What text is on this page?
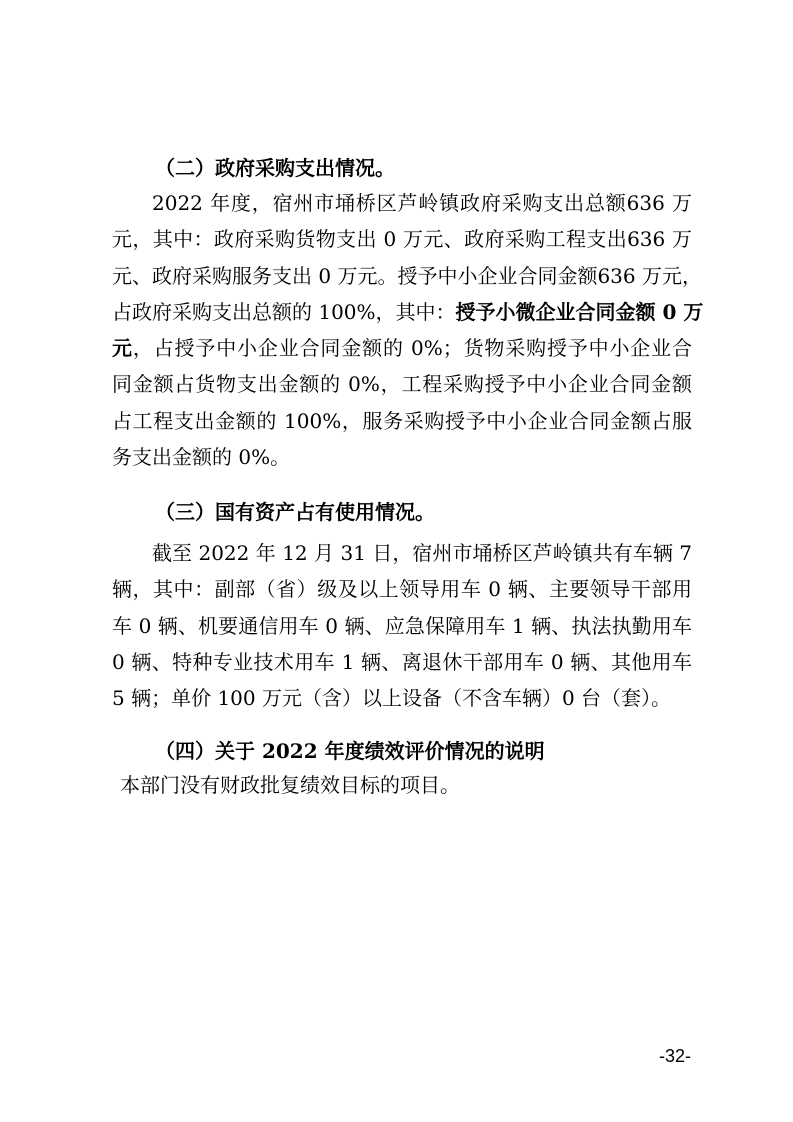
（二）政府采购支出情况。
2022 年度，宿州市埇桥区芦岭镇政府采购支出总额636 万
元，其中：政府采购货物支出 0 万元、政府采购工程支出636 万
元、政府采购服务支出 0 万元。授予中小企业合同金额636 万元，
占政府采购支出总额的 100%，其中：授予小微企业合同金额 0 万
元，占授予中小企业合同金额的 0%；货物采购授予中小企业合
同金额占货物支出金额的 0%，工程采购授予中小企业合同金额
占工程支出金额的 100%，服务采购授予中小企业合同金额占服
务支出金额的 0%。
（三）国有资产占有使用情况。
截至 2022 年 12 月 31 日，宿州市埇桥区芦岭镇共有车辆 7
辆，其中：副部（省）级及以上领导用车 0 辆、主要领导干部用
车 0 辆、机要通信用车 0 辆、应急保障用车 1 辆、执法执勤用车
0 辆、特种专业技术用车 1 辆、离退休干部用车 0 辆、其他用车
5 辆；单价 100 万元（含）以上设备（不含车辆）0 台（套）。
（四）关于 2022 年度绩效评价情况的说明
本部门没有财政批复绩效目标的项目。
-32-
